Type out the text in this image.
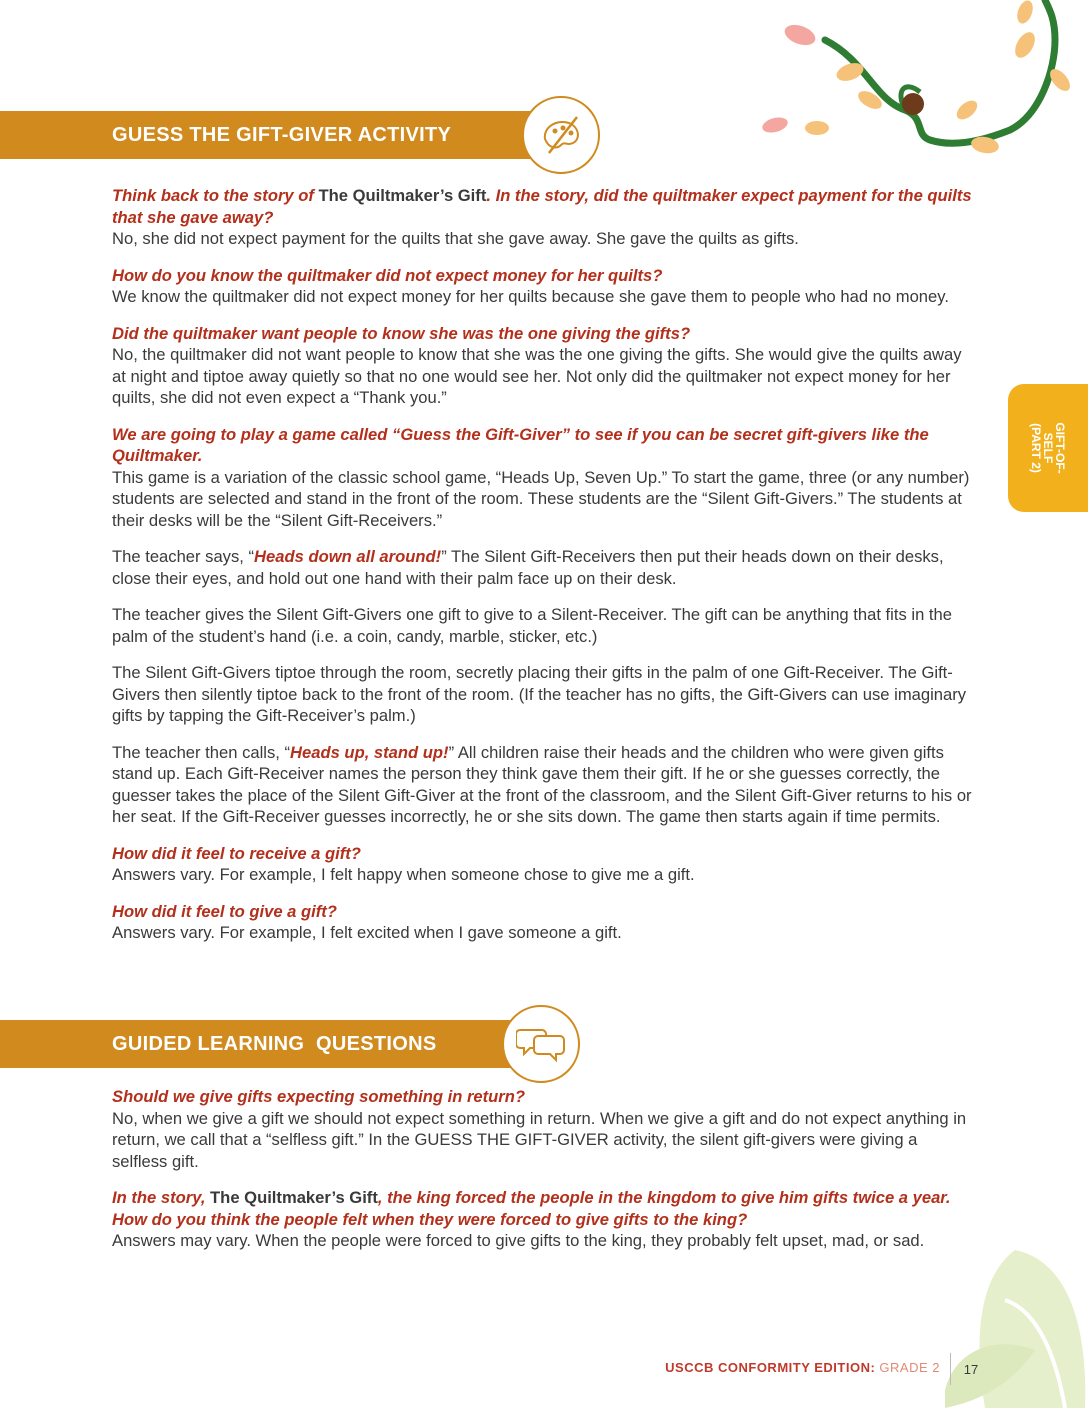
GUESS THE GIFT-GIVER ACTIVITY

Think back to the story of The Quiltmaker’s Gift. In the story, did the quiltmaker expect payment for the quilts that she gave away?

No, she did not expect payment for the quilts that she gave away. She gave the quilts as gifts.

How do you know the quiltmaker did not expect money for her quilts?

We know the quiltmaker did not expect money for her quilts because she gave them to people who had no money.

Did the quiltmaker want people to know she was the one giving the gifts?

No, the quiltmaker did not want people to know that she was the one giving the gifts. She would give the quilts away at night and tiptoe away quietly so that no one would see her. Not only did the quiltmaker not expect money for her quilts, she did not even expect a “Thank you.”

We are going to play a game called “Guess the Gift-Giver” to see if you can be secret gift-givers like the Quiltmaker.

This game is a variation of the classic school game, “Heads Up, Seven Up.” To start the game, three (or any number) students are selected and stand in the front of the room. These students are the “Silent Gift-Givers.” The students at their desks will be the “Silent Gift-Receivers.”

The teacher says, “Heads down all around!” The Silent Gift-Receivers then put their heads down on their desks, close their eyes, and hold out one hand with their palm face up on their desk.

The teacher gives the Silent Gift-Givers one gift to give to a Silent-Receiver. The gift can be anything that fits in the palm of the student’s hand (i.e. a coin, candy, marble, sticker, etc.)

The Silent Gift-Givers tiptoe through the room, secretly placing their gifts in the palm of one Gift-Receiver. The Gift-Givers then silently tiptoe back to the front of the room. (If the teacher has no gifts, the Gift-Givers can use imaginary gifts by tapping the Gift-Receiver’s palm.)

The teacher then calls, “Heads up, stand up!” All children raise their heads and the children who were given gifts stand up. Each Gift-Receiver names the person they think gave them their gift. If he or she guesses correctly, the guesser takes the place of the Silent Gift-Giver at the front of the classroom, and the Silent Gift-Giver returns to his or her seat. If the Gift-Receiver guesses incorrectly, he or she sits down. The game then starts again if time permits.

How did it feel to receive a gift?

Answers vary. For example, I felt happy when someone chose to give me a gift.

How did it feel to give a gift?

Answers vary. For example, I felt excited when I gave someone a gift.

GUIDED LEARNING  QUESTIONS

Should we give gifts expecting something in return?

No, when we give a gift we should not expect something in return. When we give a gift and do not expect anything in return, we call that a “selfless gift.” In the GUESS THE GIFT-GIVER activity, the silent gift-givers were giving a selfless gift.

In the story, The Quiltmaker’s Gift, the king forced the people in the kingdom to give him gifts twice a year. How do you think the people felt when they were forced to give gifts to the king?

Answers may vary. When the people were forced to give gifts to the king, they probably felt upset, mad, or sad.

GIFT-OF-
SELF
(PART 2)
USCCB CONFORMITY EDITION: GRADE 2	17
